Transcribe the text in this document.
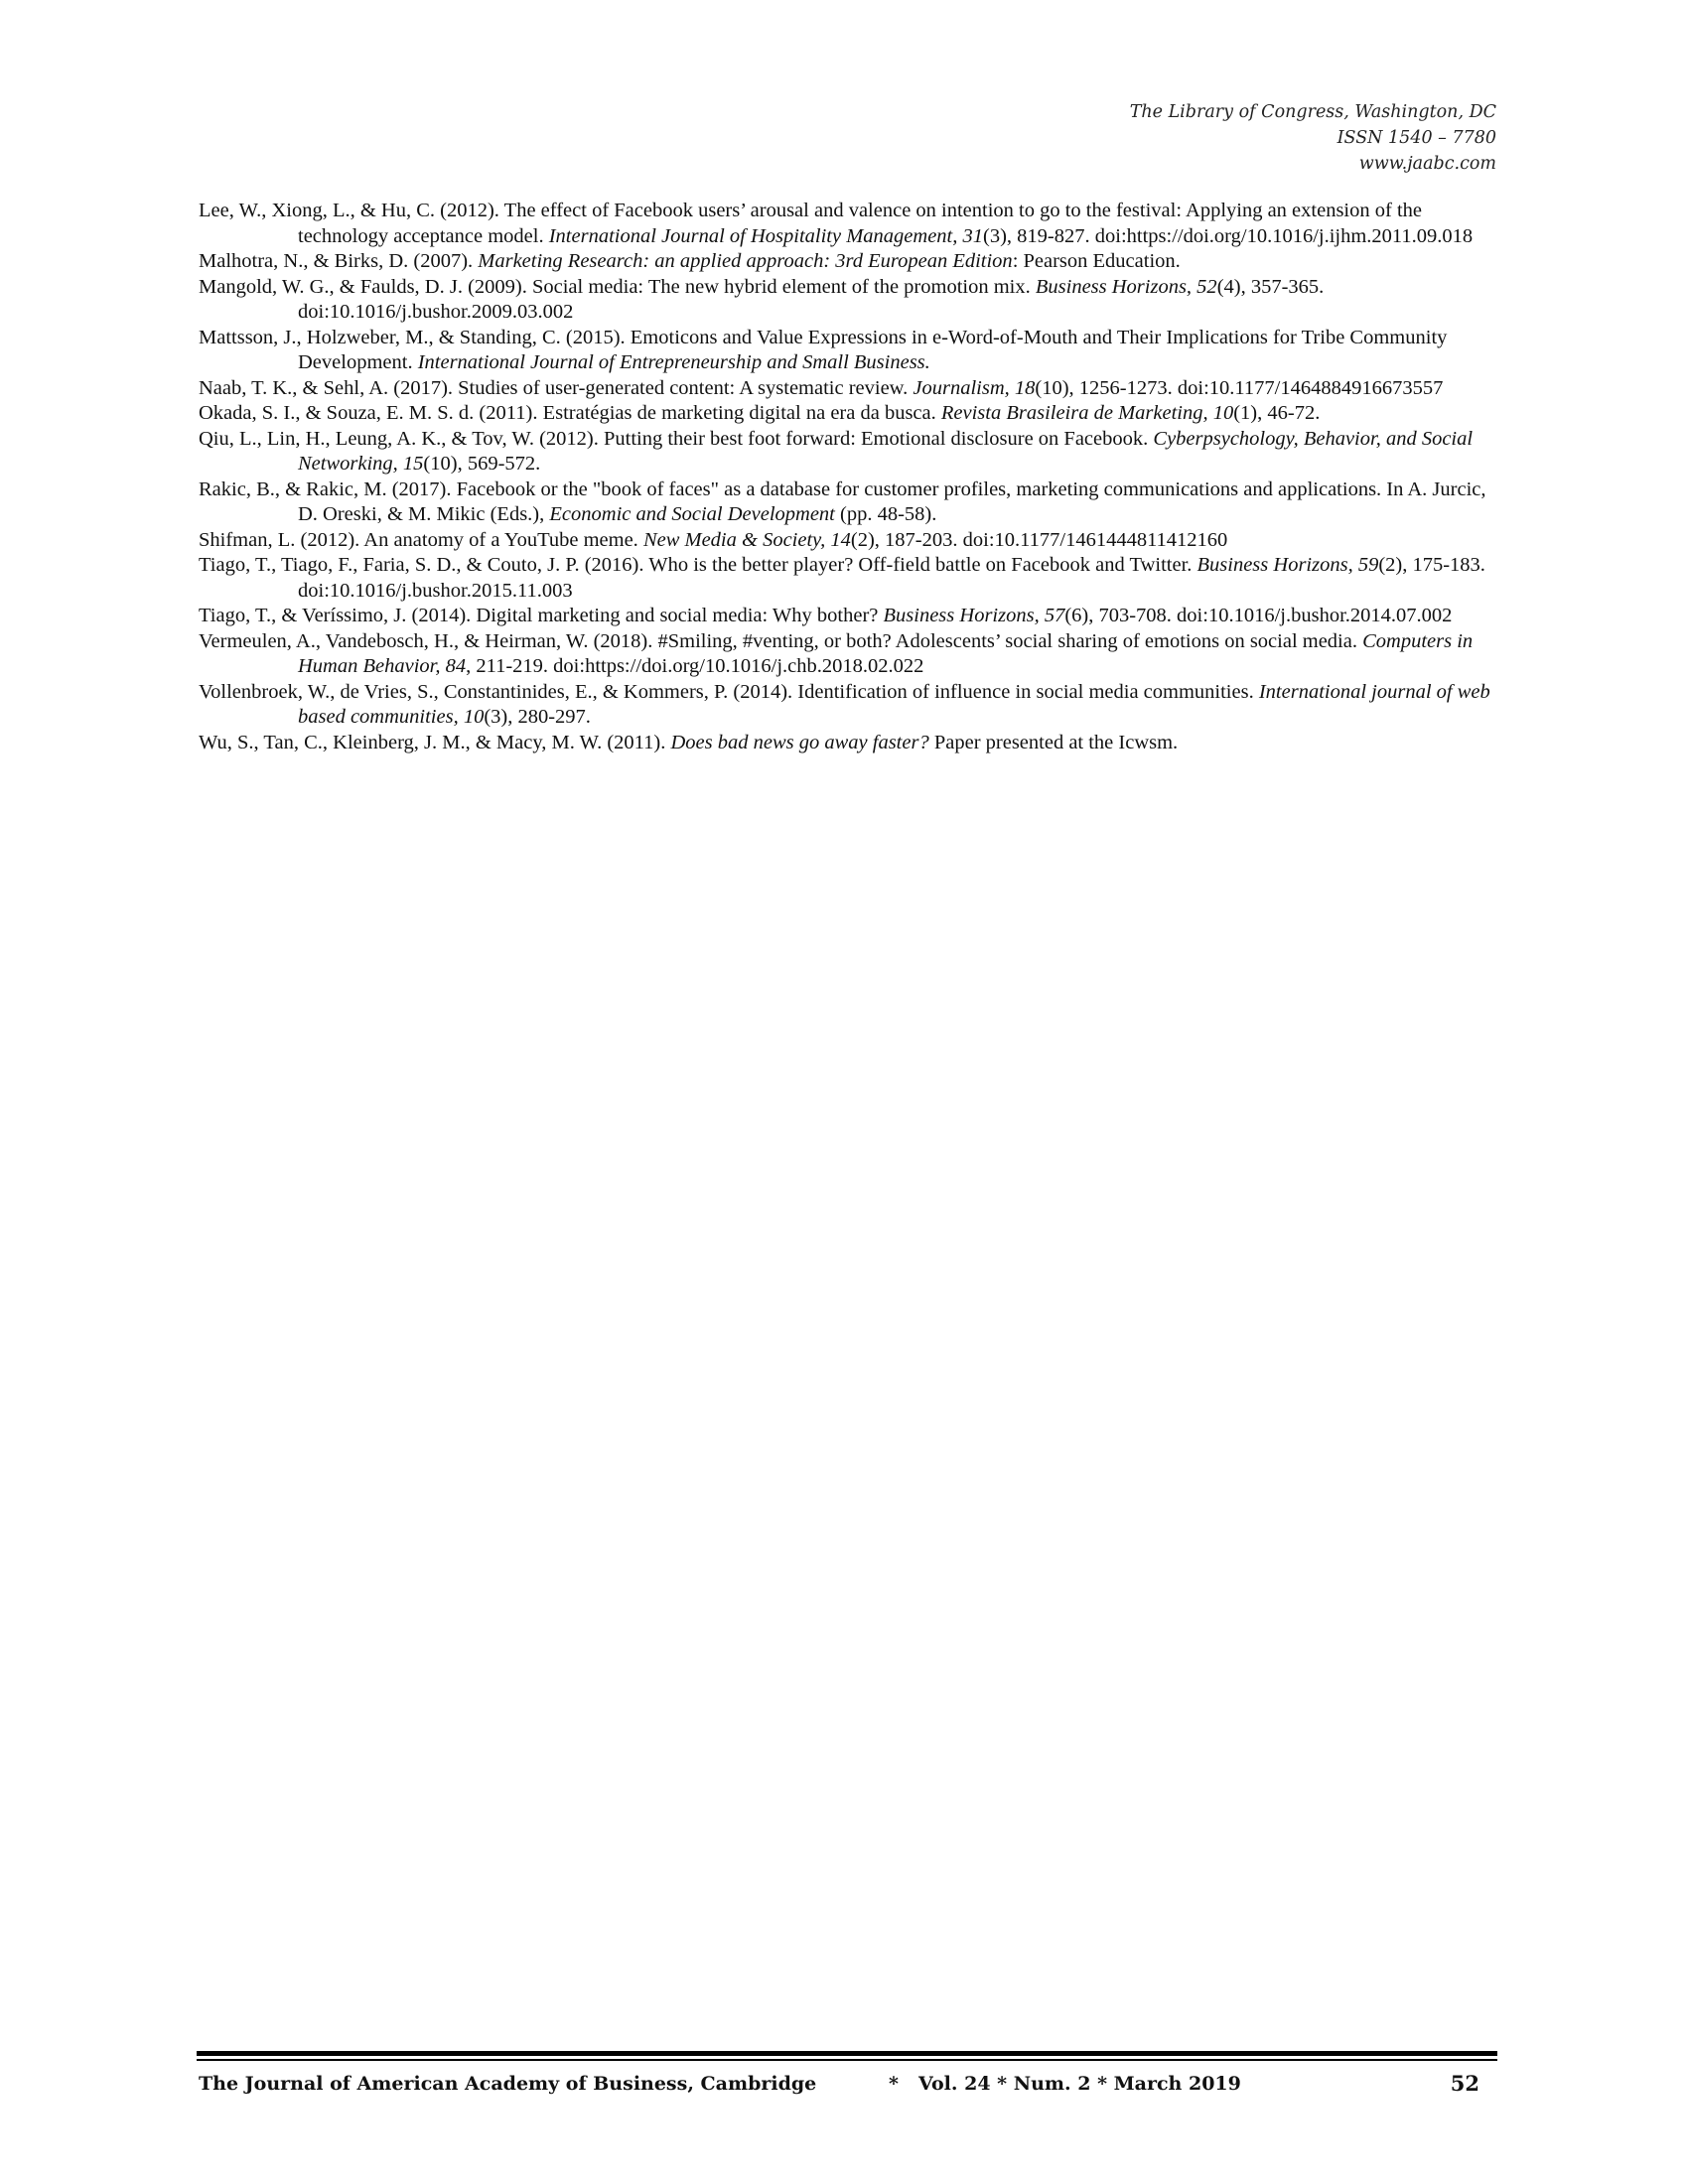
The Library of Congress, Washington, DC
ISSN 1540 – 7780
www.jaabc.com

Lee, W., Xiong, L., & Hu, C. (2012). The effect of Facebook users’ arousal and valence on intention to go to the festival: Applying an extension of the technology acceptance model. International Journal of Hospitality Management, 31(3), 819-827. doi:https://doi.org/10.1016/j.ijhm.2011.09.018

Malhotra, N., & Birks, D. (2007). Marketing Research: an applied approach: 3rd European Edition: Pearson Education.

Mangold, W. G., & Faulds, D. J. (2009). Social media: The new hybrid element of the promotion mix. Business Horizons, 52(4), 357-365. doi:10.1016/j.bushor.2009.03.002

Mattsson, J., Holzweber, M., & Standing, C. (2015). Emoticons and Value Expressions in e-Word-of-Mouth and Their Implications for Tribe Community Development. International Journal of Entrepreneurship and Small Business.

Naab, T. K., & Sehl, A. (2017). Studies of user-generated content: A systematic review. Journalism, 18(10), 1256-1273. doi:10.1177/1464884916673557

Okada, S. I., & Souza, E. M. S. d. (2011). Estratégias de marketing digital na era da busca. Revista Brasileira de Marketing, 10(1), 46-72.

Qiu, L., Lin, H., Leung, A. K., & Tov, W. (2012). Putting their best foot forward: Emotional disclosure on Facebook. Cyberpsychology, Behavior, and Social Networking, 15(10), 569-572.

Rakic, B., & Rakic, M. (2017). Facebook or the "book of faces" as a database for customer profiles, marketing communications and applications. In A. Jurcic, D. Oreski, & M. Mikic (Eds.), Economic and Social Development (pp. 48-58).

Shifman, L. (2012). An anatomy of a YouTube meme. New Media & Society, 14(2), 187-203. doi:10.1177/1461444811412160

Tiago, T., Tiago, F., Faria, S. D., & Couto, J. P. (2016). Who is the better player? Off-field battle on Facebook and Twitter. Business Horizons, 59(2), 175-183. doi:10.1016/j.bushor.2015.11.003

Tiago, T., & Veríssimo, J. (2014). Digital marketing and social media: Why bother? Business Horizons, 57(6), 703-708. doi:10.1016/j.bushor.2014.07.002

Vermeulen, A., Vandebosch, H., & Heirman, W. (2018). #Smiling, #venting, or both? Adolescents’ social sharing of emotions on social media. Computers in Human Behavior, 84, 211-219. doi:https://doi.org/10.1016/j.chb.2018.02.022

Vollenbroek, W., de Vries, S., Constantinides, E., & Kommers, P. (2014). Identification of influence in social media communities. International journal of web based communities, 10(3), 280-297.

Wu, S., Tan, C., Kleinberg, J. M., & Macy, M. W. (2011). Does bad news go away faster? Paper presented at the Icwsm.

The Journal of American Academy of Business, Cambridge	* Vol. 24 * Num. 2 * March 2019	52
